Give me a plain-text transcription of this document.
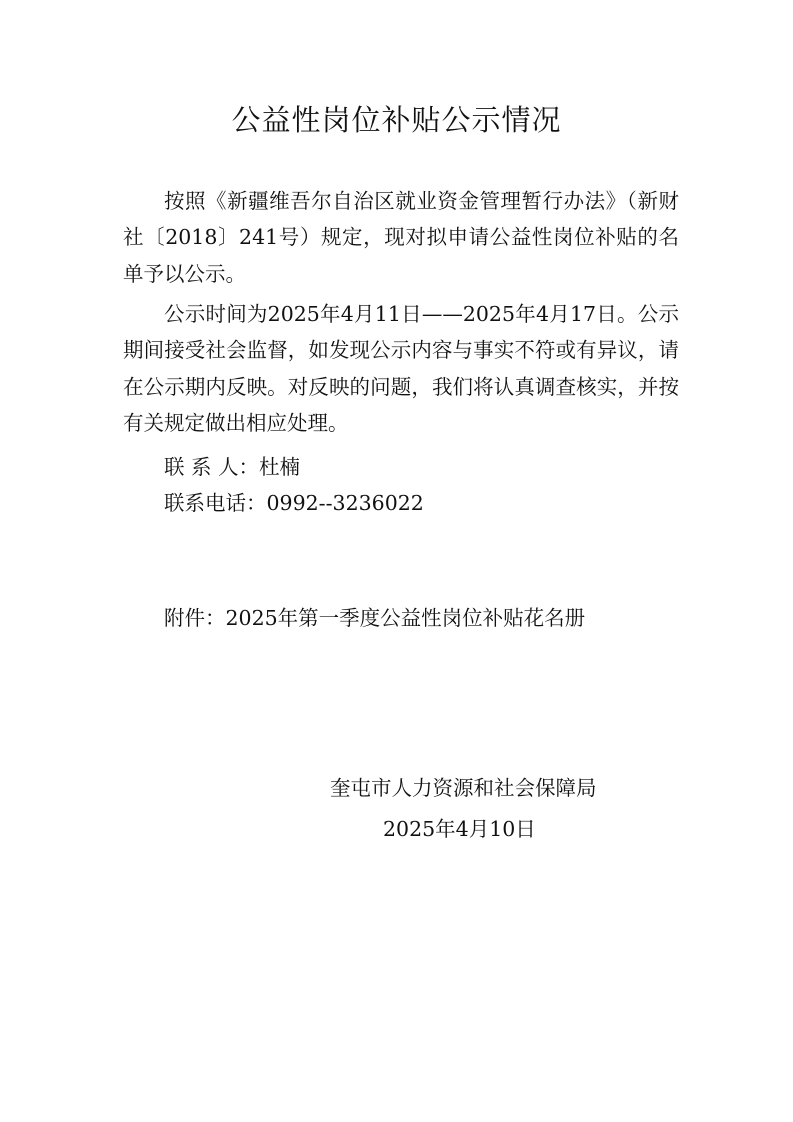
公益性岗位补贴公示情况

按照《新疆维吾尔自治区就业资金管理暂行办法》（新财社〔2018〕241号）规定，现对拟申请公益性岗位补贴的名单予以公示。

公示时间为2025年4月11日——2025年4月17日。公示期间接受社会监督，如发现公示内容与事实不符或有异议，请在公示期内反映。对反映的问题，我们将认真调查核实，并按有关规定做出相应处理。

联 系 人：杜楠
联系电话：0992--3236022
附件：2025年第一季度公益性岗位补贴花名册
奎屯市人力资源和社会保障局
2025年4月10日
